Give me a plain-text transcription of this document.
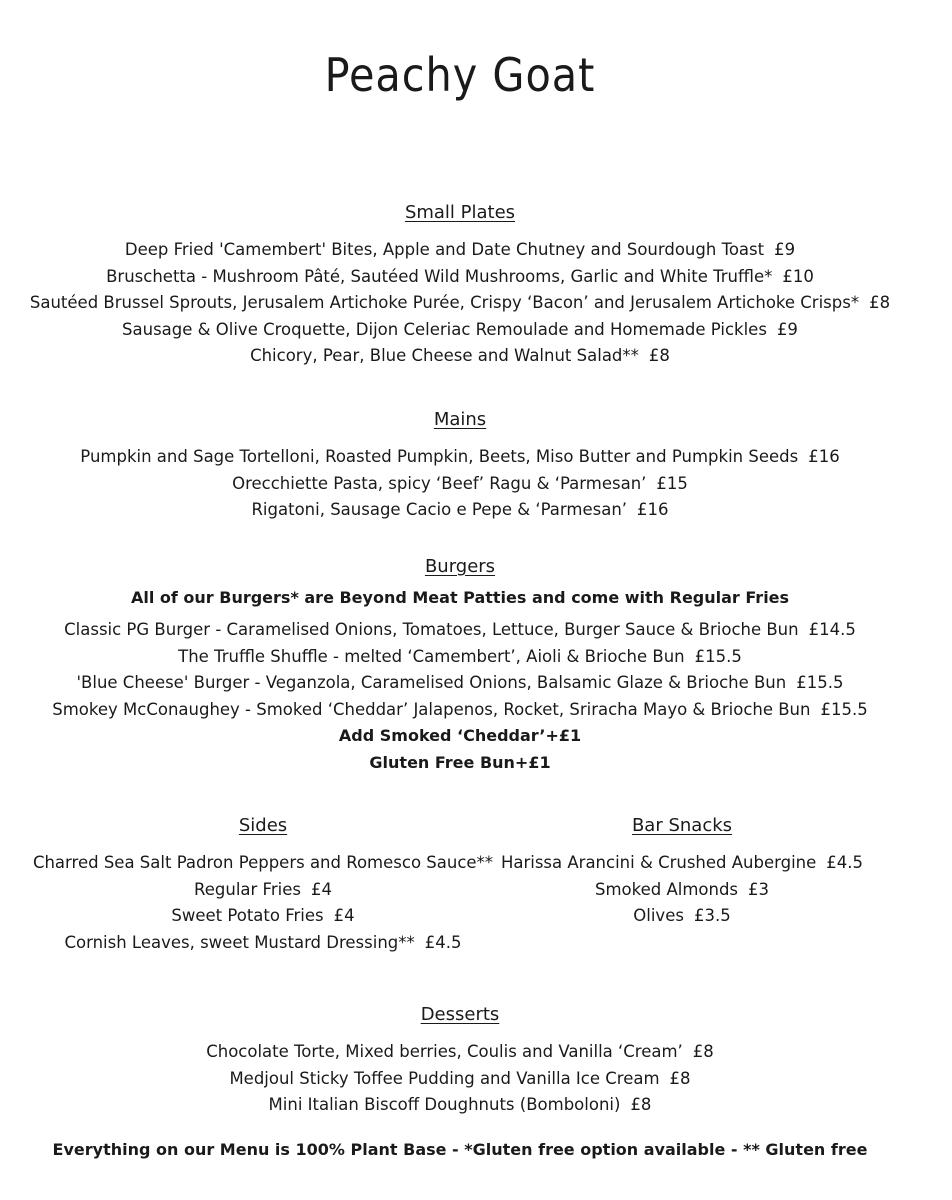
Peachy Goat
Small Plates

Deep Fried 'Camembert' Bites, Apple and Date Chutney and Sourdough Toast £9

Bruschetta - Mushroom Pâté, Sautéed Wild Mushrooms, Garlic and White Truffle* £10

Sautéed Brussel Sprouts, Jerusalem Artichoke Purée, Crispy ‘Bacon’ and Jerusalem Artichoke Crisps* £8

Sausage & Olive Croquette, Dijon Celeriac Remoulade and Homemade Pickles £9

Chicory, Pear, Blue Cheese and Walnut Salad** £8

Mains

Pumpkin and Sage Tortelloni, Roasted Pumpkin, Beets, Miso Butter and Pumpkin Seeds £16

Orecchiette Pasta, spicy ‘Beef’ Ragu & ‘Parmesan’ £15

Rigatoni, Sausage Cacio e Pepe & ‘Parmesan’ £16

Burgers

All of our Burgers* are Beyond Meat Patties and come with Regular Fries

Classic PG Burger - Caramelised Onions, Tomatoes, Lettuce, Burger Sauce & Brioche Bun £14.5

The Truffle Shuffle - melted ‘Camembert’, Aioli & Brioche Bun £15.5

'Blue Cheese' Burger - Veganzola, Caramelised Onions, Balsamic Glaze & Brioche Bun £15.5

Smokey McConaughey - Smoked ‘Cheddar’ Jalapenos, Rocket, Sriracha Mayo & Brioche Bun £15.5

Add Smoked ‘Cheddar’+£1

Gluten Free Bun+£1

Sides

Charred Sea Salt Padron Peppers and Romesco Sauce**

Regular Fries £4

Sweet Potato Fries £4

Cornish Leaves, sweet Mustard Dressing** £4.5

Bar Snacks

Harissa Arancini & Crushed Aubergine £4.5

Smoked Almonds £3

Olives £3.5

Desserts

Chocolate Torte, Mixed berries, Coulis and Vanilla ‘Cream’ £8

Medjoul Sticky Toffee Pudding and Vanilla Ice Cream £8

Mini Italian Biscoff Doughnuts (Bomboloni) £8

Everything on our Menu is 100% Plant Base - *Gluten free option available - ** Gluten free
